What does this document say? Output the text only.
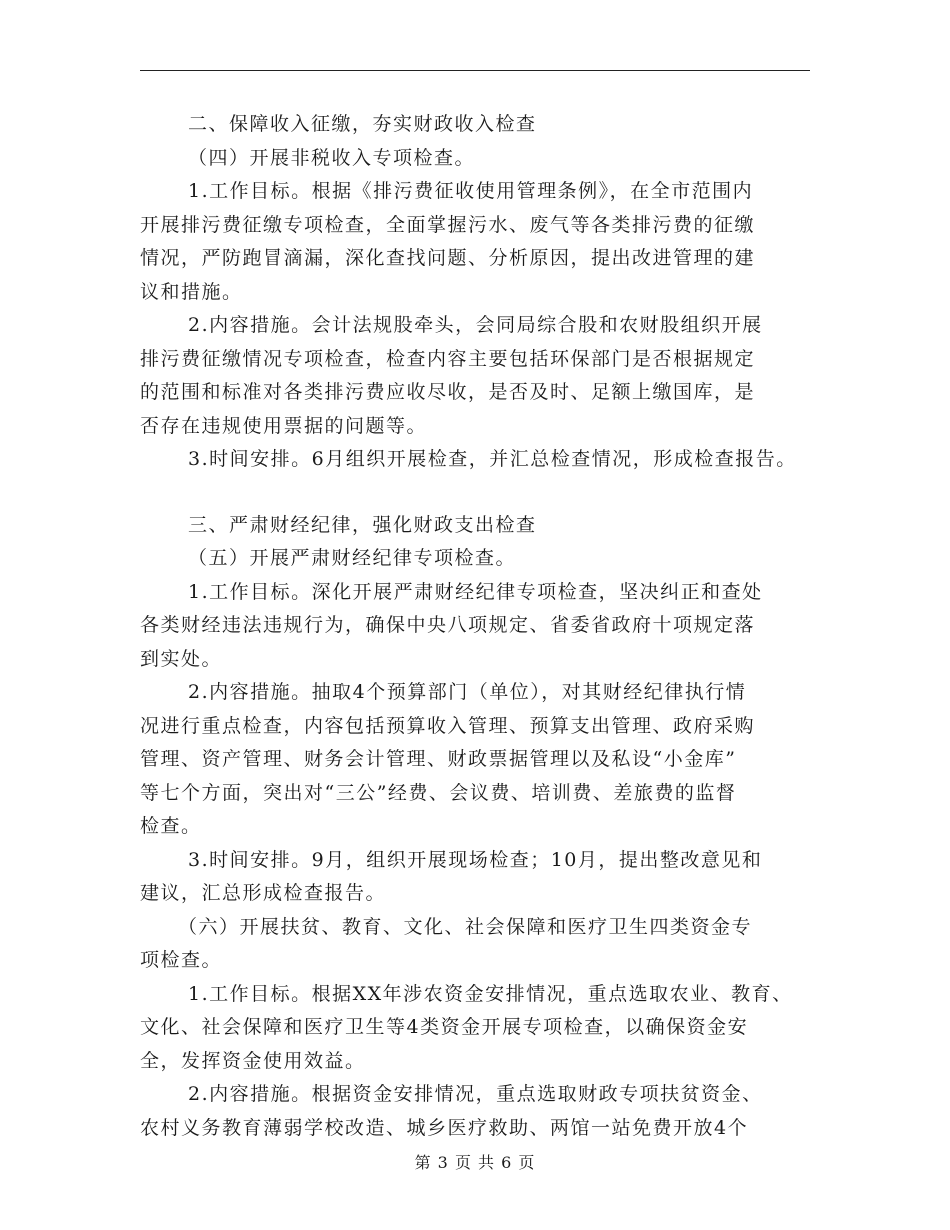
二、保障收入征缴，夯实财政收入检查
（四）开展非税收入专项检查。
1.工作目标。根据《排污费征收使用管理条例》，在全市范围内
开展排污费征缴专项检查，全面掌握污水、废气等各类排污费的征缴
情况，严防跑冒滴漏，深化查找问题、分析原因，提出改进管理的建
议和措施。
2.内容措施。会计法规股牵头，会同局综合股和农财股组织开展
排污费征缴情况专项检查，检查内容主要包括环保部门是否根据规定
的范围和标准对各类排污费应收尽收，是否及时、足额上缴国库，是
否存在违规使用票据的问题等。
3.时间安排。6月组织开展检查，并汇总检查情况，形成检查报告。
三、严肃财经纪律，强化财政支出检查
（五）开展严肃财经纪律专项检查。
1.工作目标。深化开展严肃财经纪律专项检查，坚决纠正和查处
各类财经违法违规行为，确保中央八项规定、省委省政府十项规定落
到实处。
2.内容措施。抽取4个预算部门（单位），对其财经纪律执行情
况进行重点检查，内容包括预算收入管理、预算支出管理、政府采购
管理、资产管理、财务会计管理、财政票据管理以及私设“小金库”
等七个方面，突出对“三公”经费、会议费、培训费、差旅费的监督
检查。
3.时间安排。9月，组织开展现场检查；10月，提出整改意见和
建议，汇总形成检查报告。
（六）开展扶贫、教育、文化、社会保障和医疗卫生四类资金专
项检查。
1.工作目标。根据XX年涉农资金安排情况，重点选取农业、教育、
文化、社会保障和医疗卫生等4类资金开展专项检查，以确保资金安
全，发挥资金使用效益。
2.内容措施。根据资金安排情况，重点选取财政专项扶贫资金、
农村义务教育薄弱学校改造、城乡医疗救助、两馆一站免费开放4个
第 3 页 共 6 页
